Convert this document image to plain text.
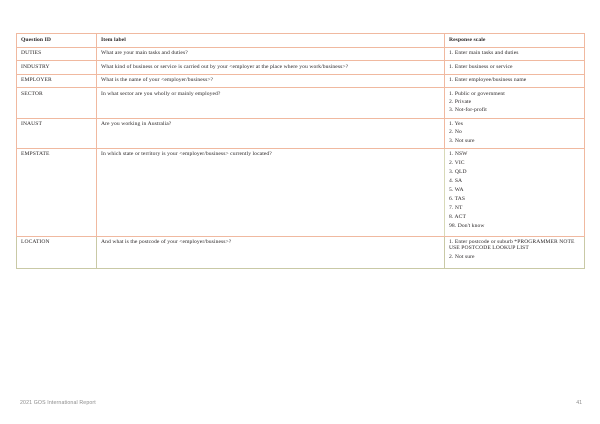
Question ID	Item label	Response scale
DUTIES	What are your main tasks and duties?	1. Enter main tasks and duties

INDUSTRY	What kind of business or service is carried out by your <employer at the place where you work/business>?	1. Enter business or service

EMPLOYER	What is the name of your <employer/business>?	1. Enter employee/business name

SECTOR	In what sector are you wholly or mainly employed?	1. Public or government
2. Private
3. Not-for-profit

INAUST	Are you working in Australia?	1. Yes
2. No
3. Not sure

EMPSTATE	In which state or territory is your <employer/business> currently located?	1. NSW
2. VIC
3. QLD
4. SA
5. WA
6. TAS
7. NT
8. ACT
98. Don't know

LOCATION	And what is the postcode of your <employer/business>?	1. Enter postcode or suburb *PROGRAMMER NOTE USE POSTCODE LOOKUP LIST
2. Not sure
2021 GOS International Report	41
